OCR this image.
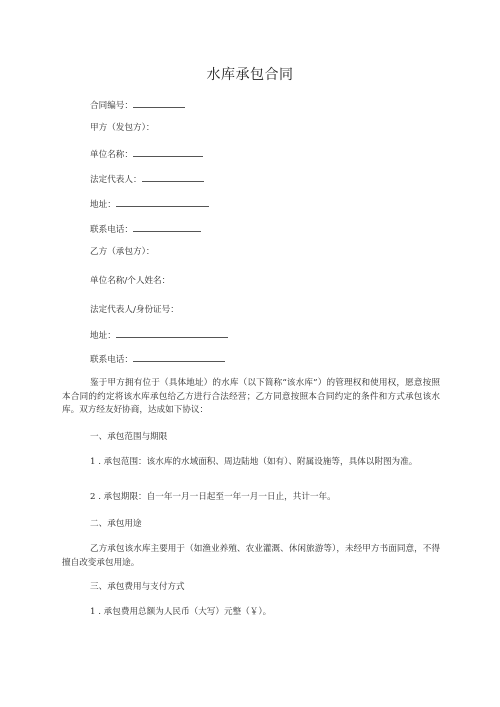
水库承包合同
合同编号：
甲方（发包方）：
单位名称：
法定代表人：
地址：
联系电话：
乙方（承包方）：
单位名称/个人姓名：
法定代表人/身份证号：
地址：
联系电话：
鉴于甲方拥有位于（具体地址）的水库（以下简称“该水库”）的管理权和使用权，愿意按照本合同的约定将该水库承包给乙方进行合法经营；乙方同意按照本合同约定的条件和方式承包该水库。双方经友好协商，达成如下协议：
一、承包范围与期限
1 . 承包范围：该水库的水域面积、周边陆地（如有）、附属设施等，具体以附图为准。
2 . 承包期限：自一年一月一日起至一年一月一日止，共计一年。
二、承包用途
乙方承包该水库主要用于（如渔业养殖、农业灌溉、休闲旅游等），未经甲方书面同意，不得擅自改变承包用途。
三、承包费用与支付方式
1 . 承包费用总额为人民币（大写）元整（￥）。
